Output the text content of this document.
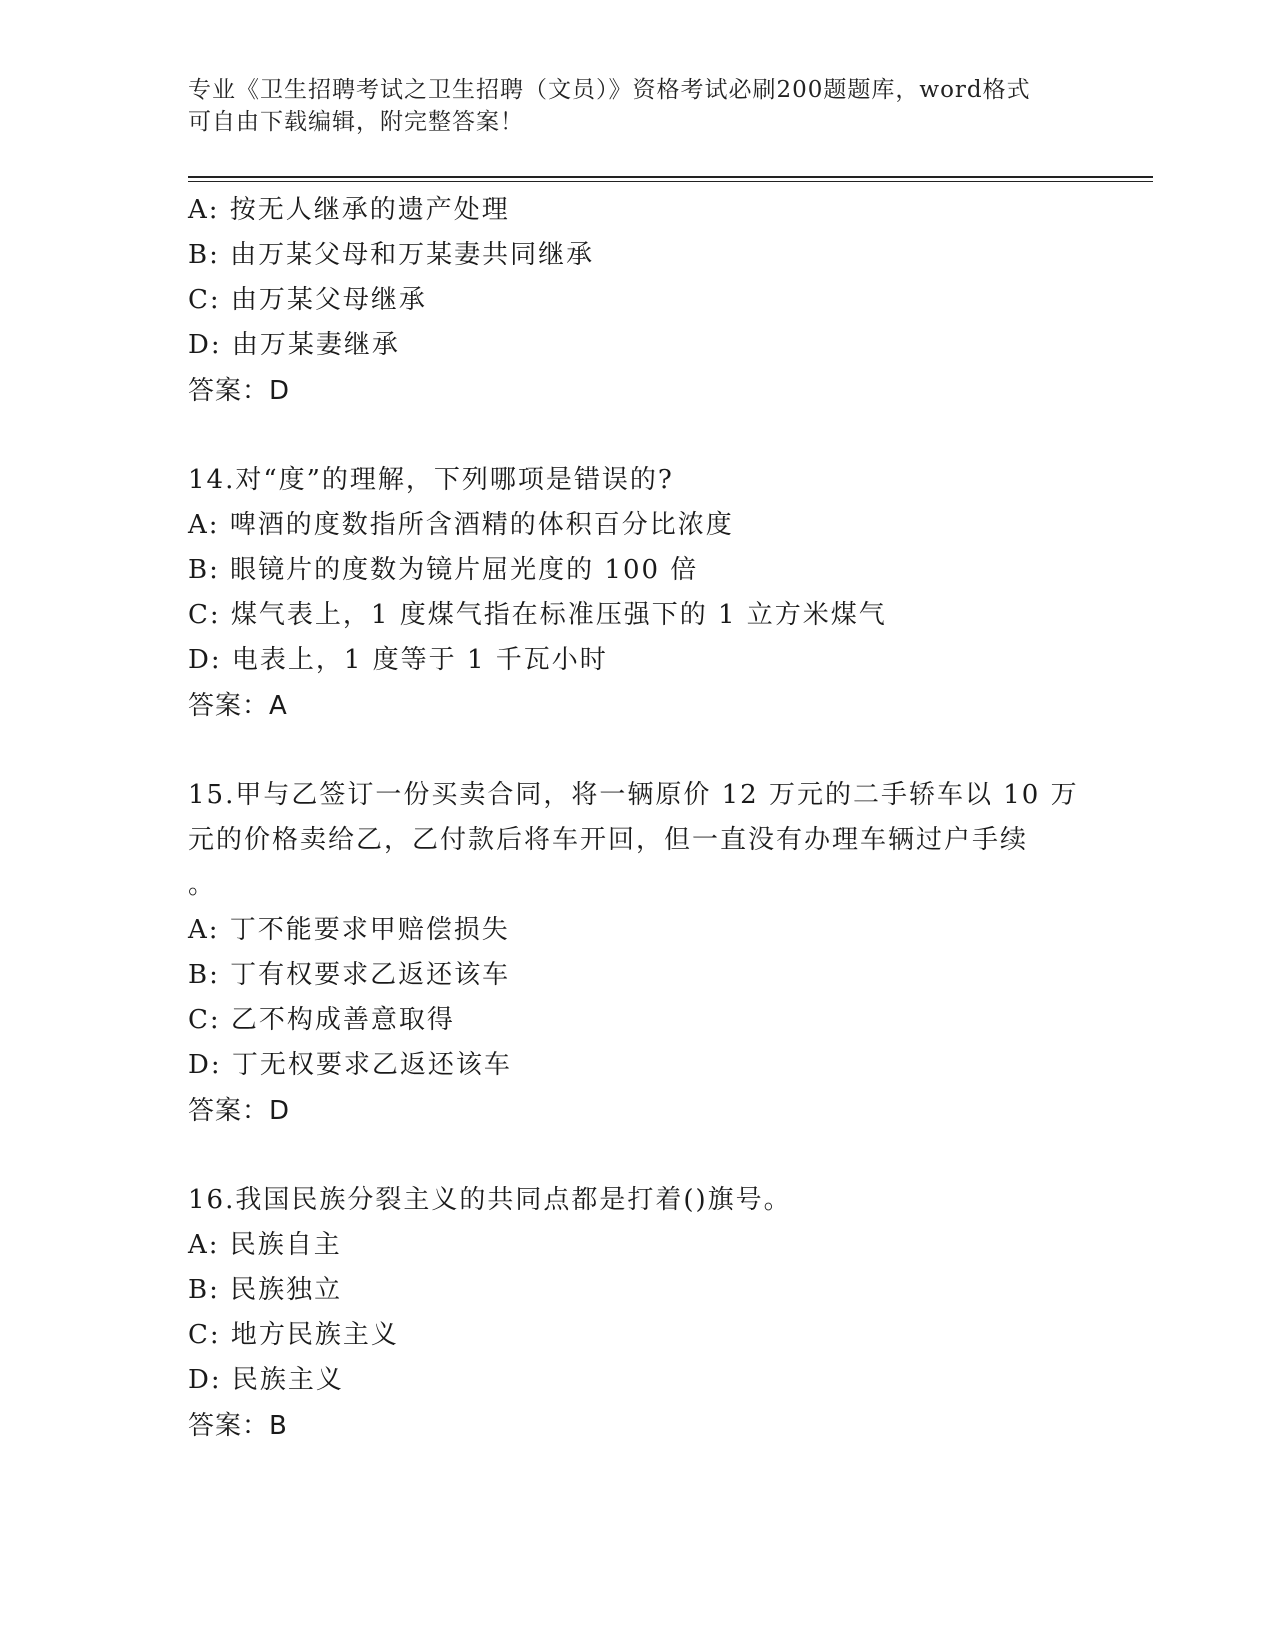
专业《卫生招聘考试之卫生招聘（文员）》资格考试必刷200题题库，word格式
可自由下载编辑，附完整答案！
A: 按无人继承的遗产处理
B: 由万某父母和万某妻共同继承
C: 由万某父母继承
D: 由万某妻继承
答案：D
14.对“度”的理解，下列哪项是错误的?
A: 啤酒的度数指所含酒精的体积百分比浓度
B: 眼镜片的度数为镜片屈光度的 100 倍
C: 煤气表上，1 度煤气指在标准压强下的 1 立方米煤气
D: 电表上，1 度等于 1 千瓦小时
答案：A
15.甲与乙签订一份买卖合同，将一辆原价 12 万元的二手轿车以 10 万
元的价格卖给乙，乙付款后将车开回，但一直没有办理车辆过户手续
。
A: 丁不能要求甲赔偿损失
B: 丁有权要求乙返还该车
C: 乙不构成善意取得
D: 丁无权要求乙返还该车
答案：D
16.我国民族分裂主义的共同点都是打着()旗号。
A: 民族自主
B: 民族独立
C: 地方民族主义
D: 民族主义
答案：B
